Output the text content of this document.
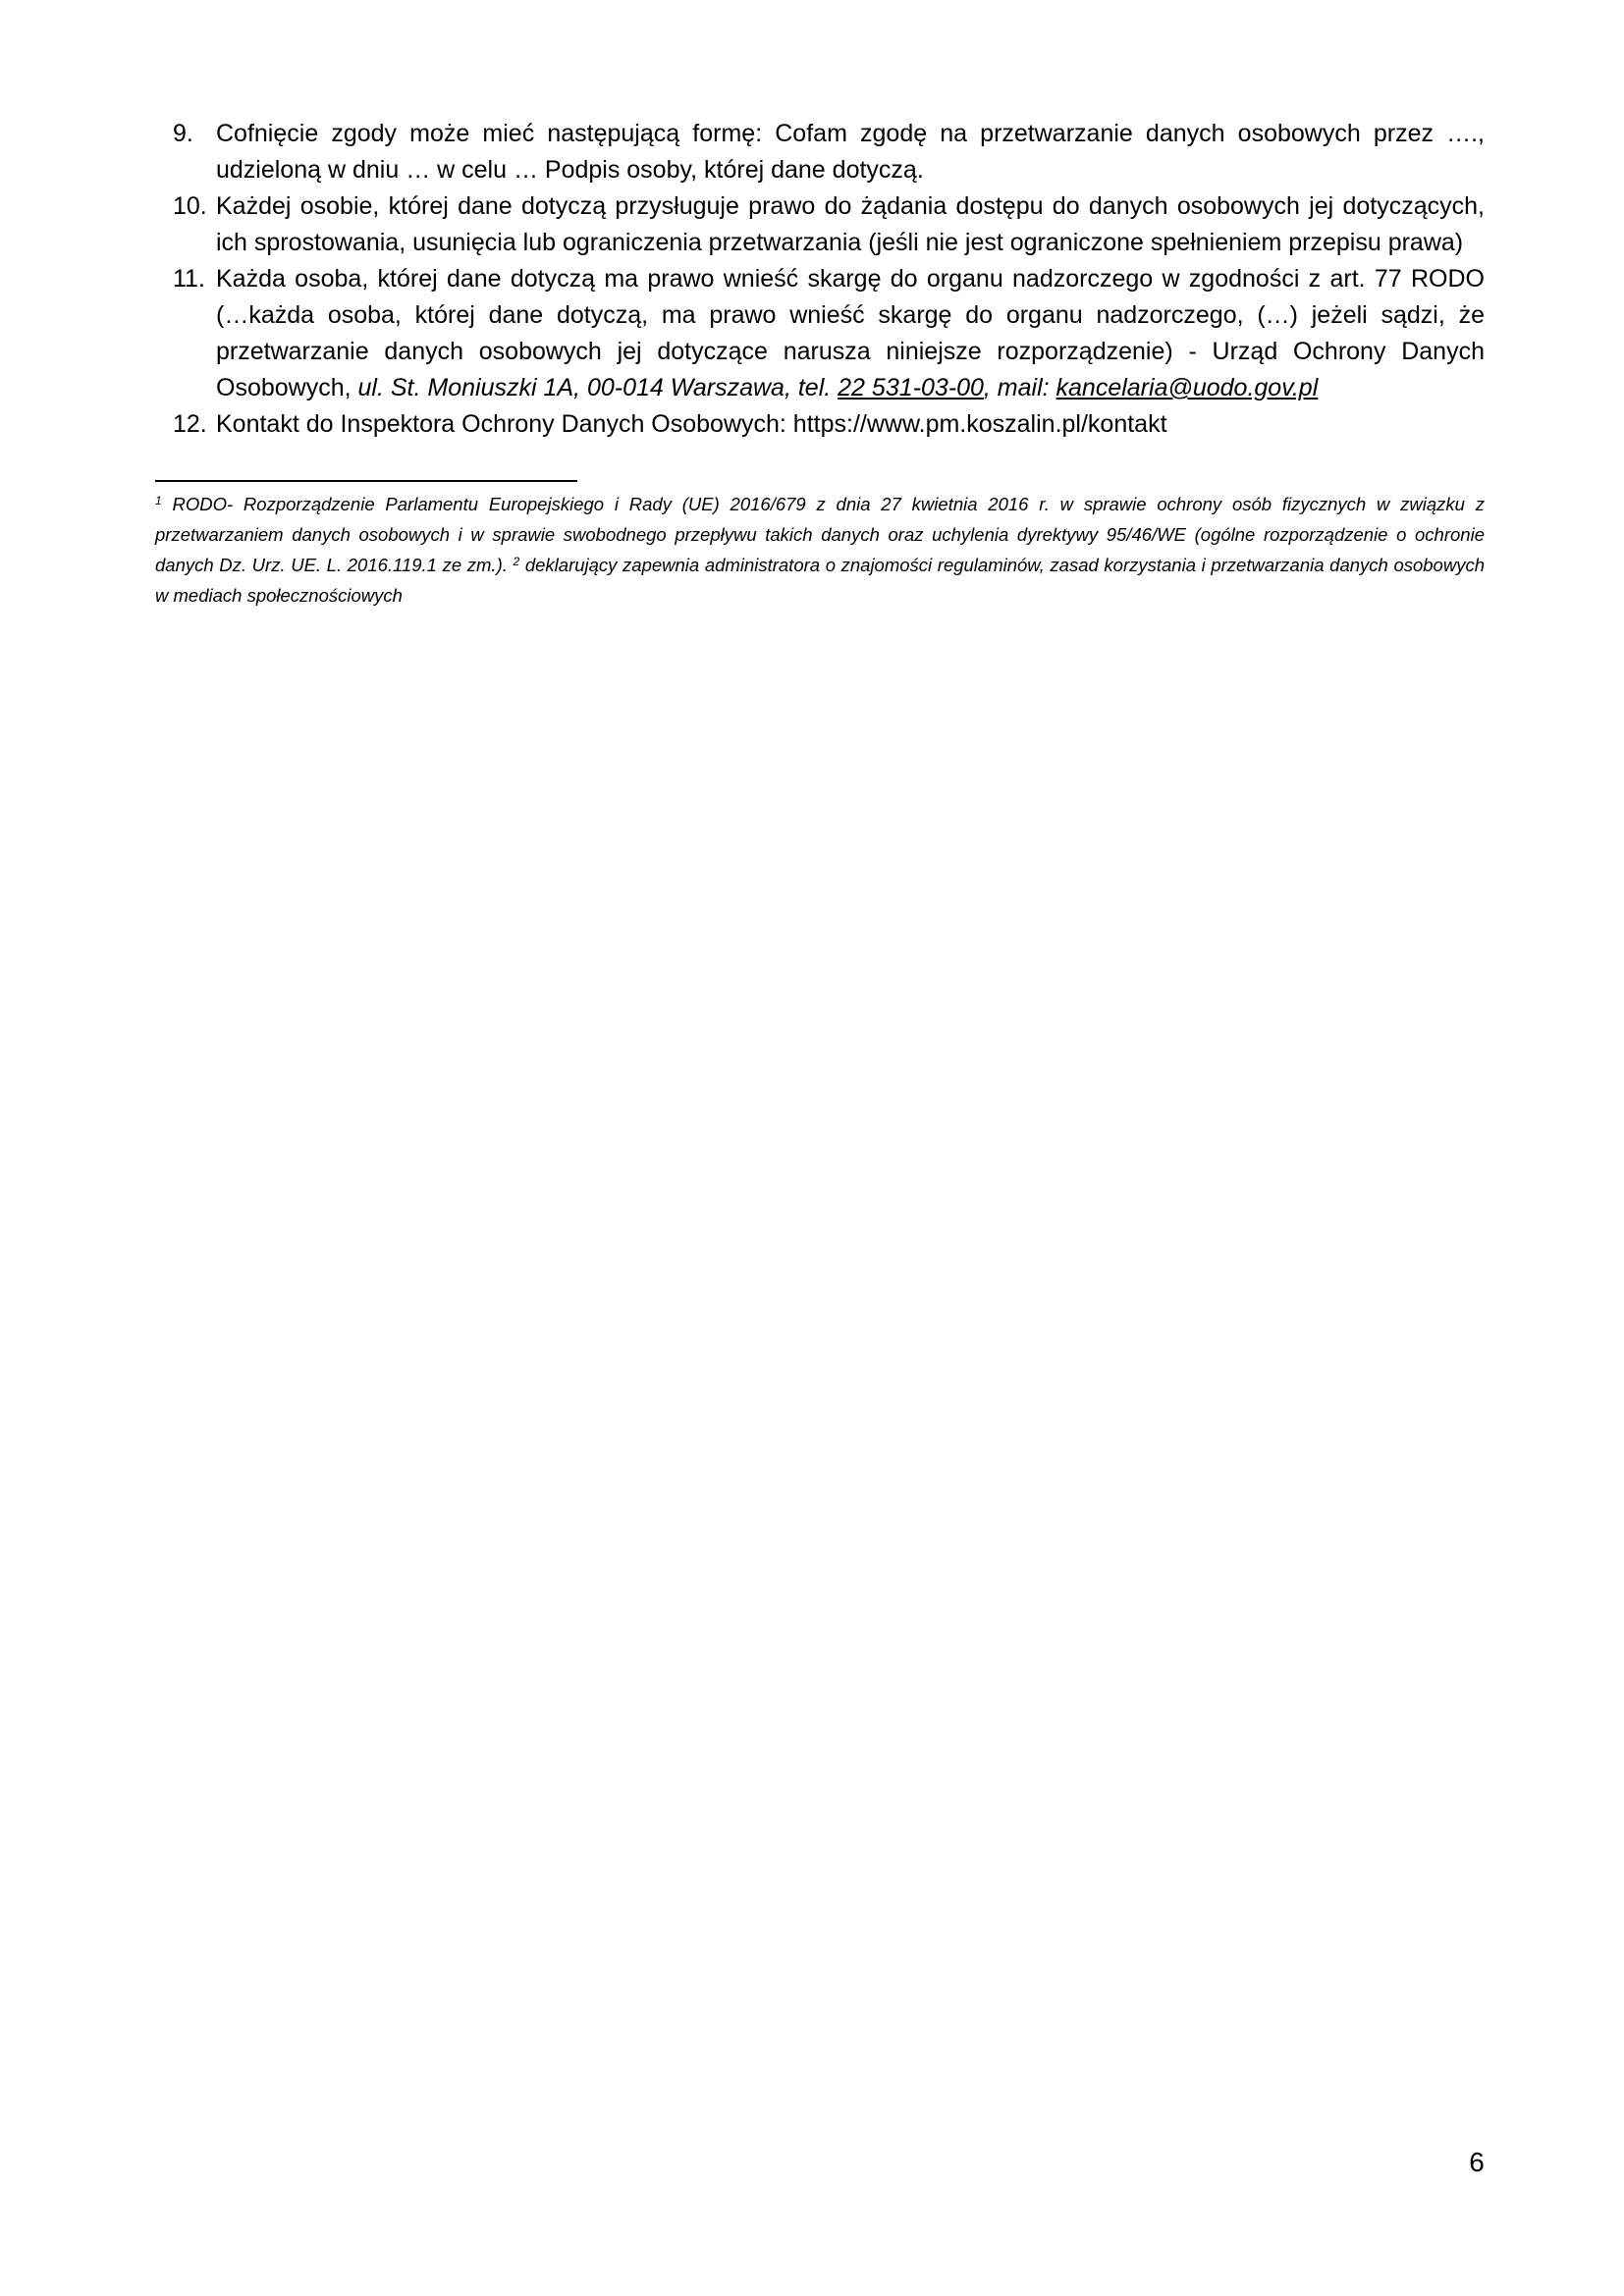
9. Cofnięcie zgody może mieć następującą formę: Cofam zgodę na przetwarzanie danych osobowych przez …., udzieloną w dniu … w celu … Podpis osoby, której dane dotyczą.
10. Każdej osobie, której dane dotyczą przysługuje prawo do żądania dostępu do danych osobowych jej dotyczących, ich sprostowania, usunięcia lub ograniczenia przetwarzania (jeśli nie jest ograniczone spełnieniem przepisu prawa)
11. Każda osoba, której dane dotyczą ma prawo wnieść skargę do organu nadzorczego w zgodności z art. 77 RODO (…każda osoba, której dane dotyczą, ma prawo wnieść skargę do organu nadzorczego, (…) jeżeli sądzi, że przetwarzanie danych osobowych jej dotyczące narusza niniejsze rozporządzenie) - Urząd Ochrony Danych Osobowych, ul. St. Moniuszki 1A, 00-014 Warszawa, tel. 22 531-03-00, mail: kancelaria@uodo.gov.pl
12. Kontakt do Inspektora Ochrony Danych Osobowych: https://www.pm.koszalin.pl/kontakt
$^1$ RODO- Rozporządzenie Parlamentu Europejskiego i Rady (UE) 2016/679 z dnia 27 kwietnia 2016 r. w sprawie ochrony osób fizycznych w związku z przetwarzaniem danych osobowych i w sprawie swobodnego przepływu takich danych oraz uchylenia dyrektywy 95/46/WE (ogólne rozporządzenie o ochronie danych Dz. Urz. UE. L. 2016.119.1 ze zm.). $^2$ deklarujący zapewnia administratora o znajomości regulaminów, zasad korzystania i przetwarzania danych osobowych w mediach społecznościowych
6
